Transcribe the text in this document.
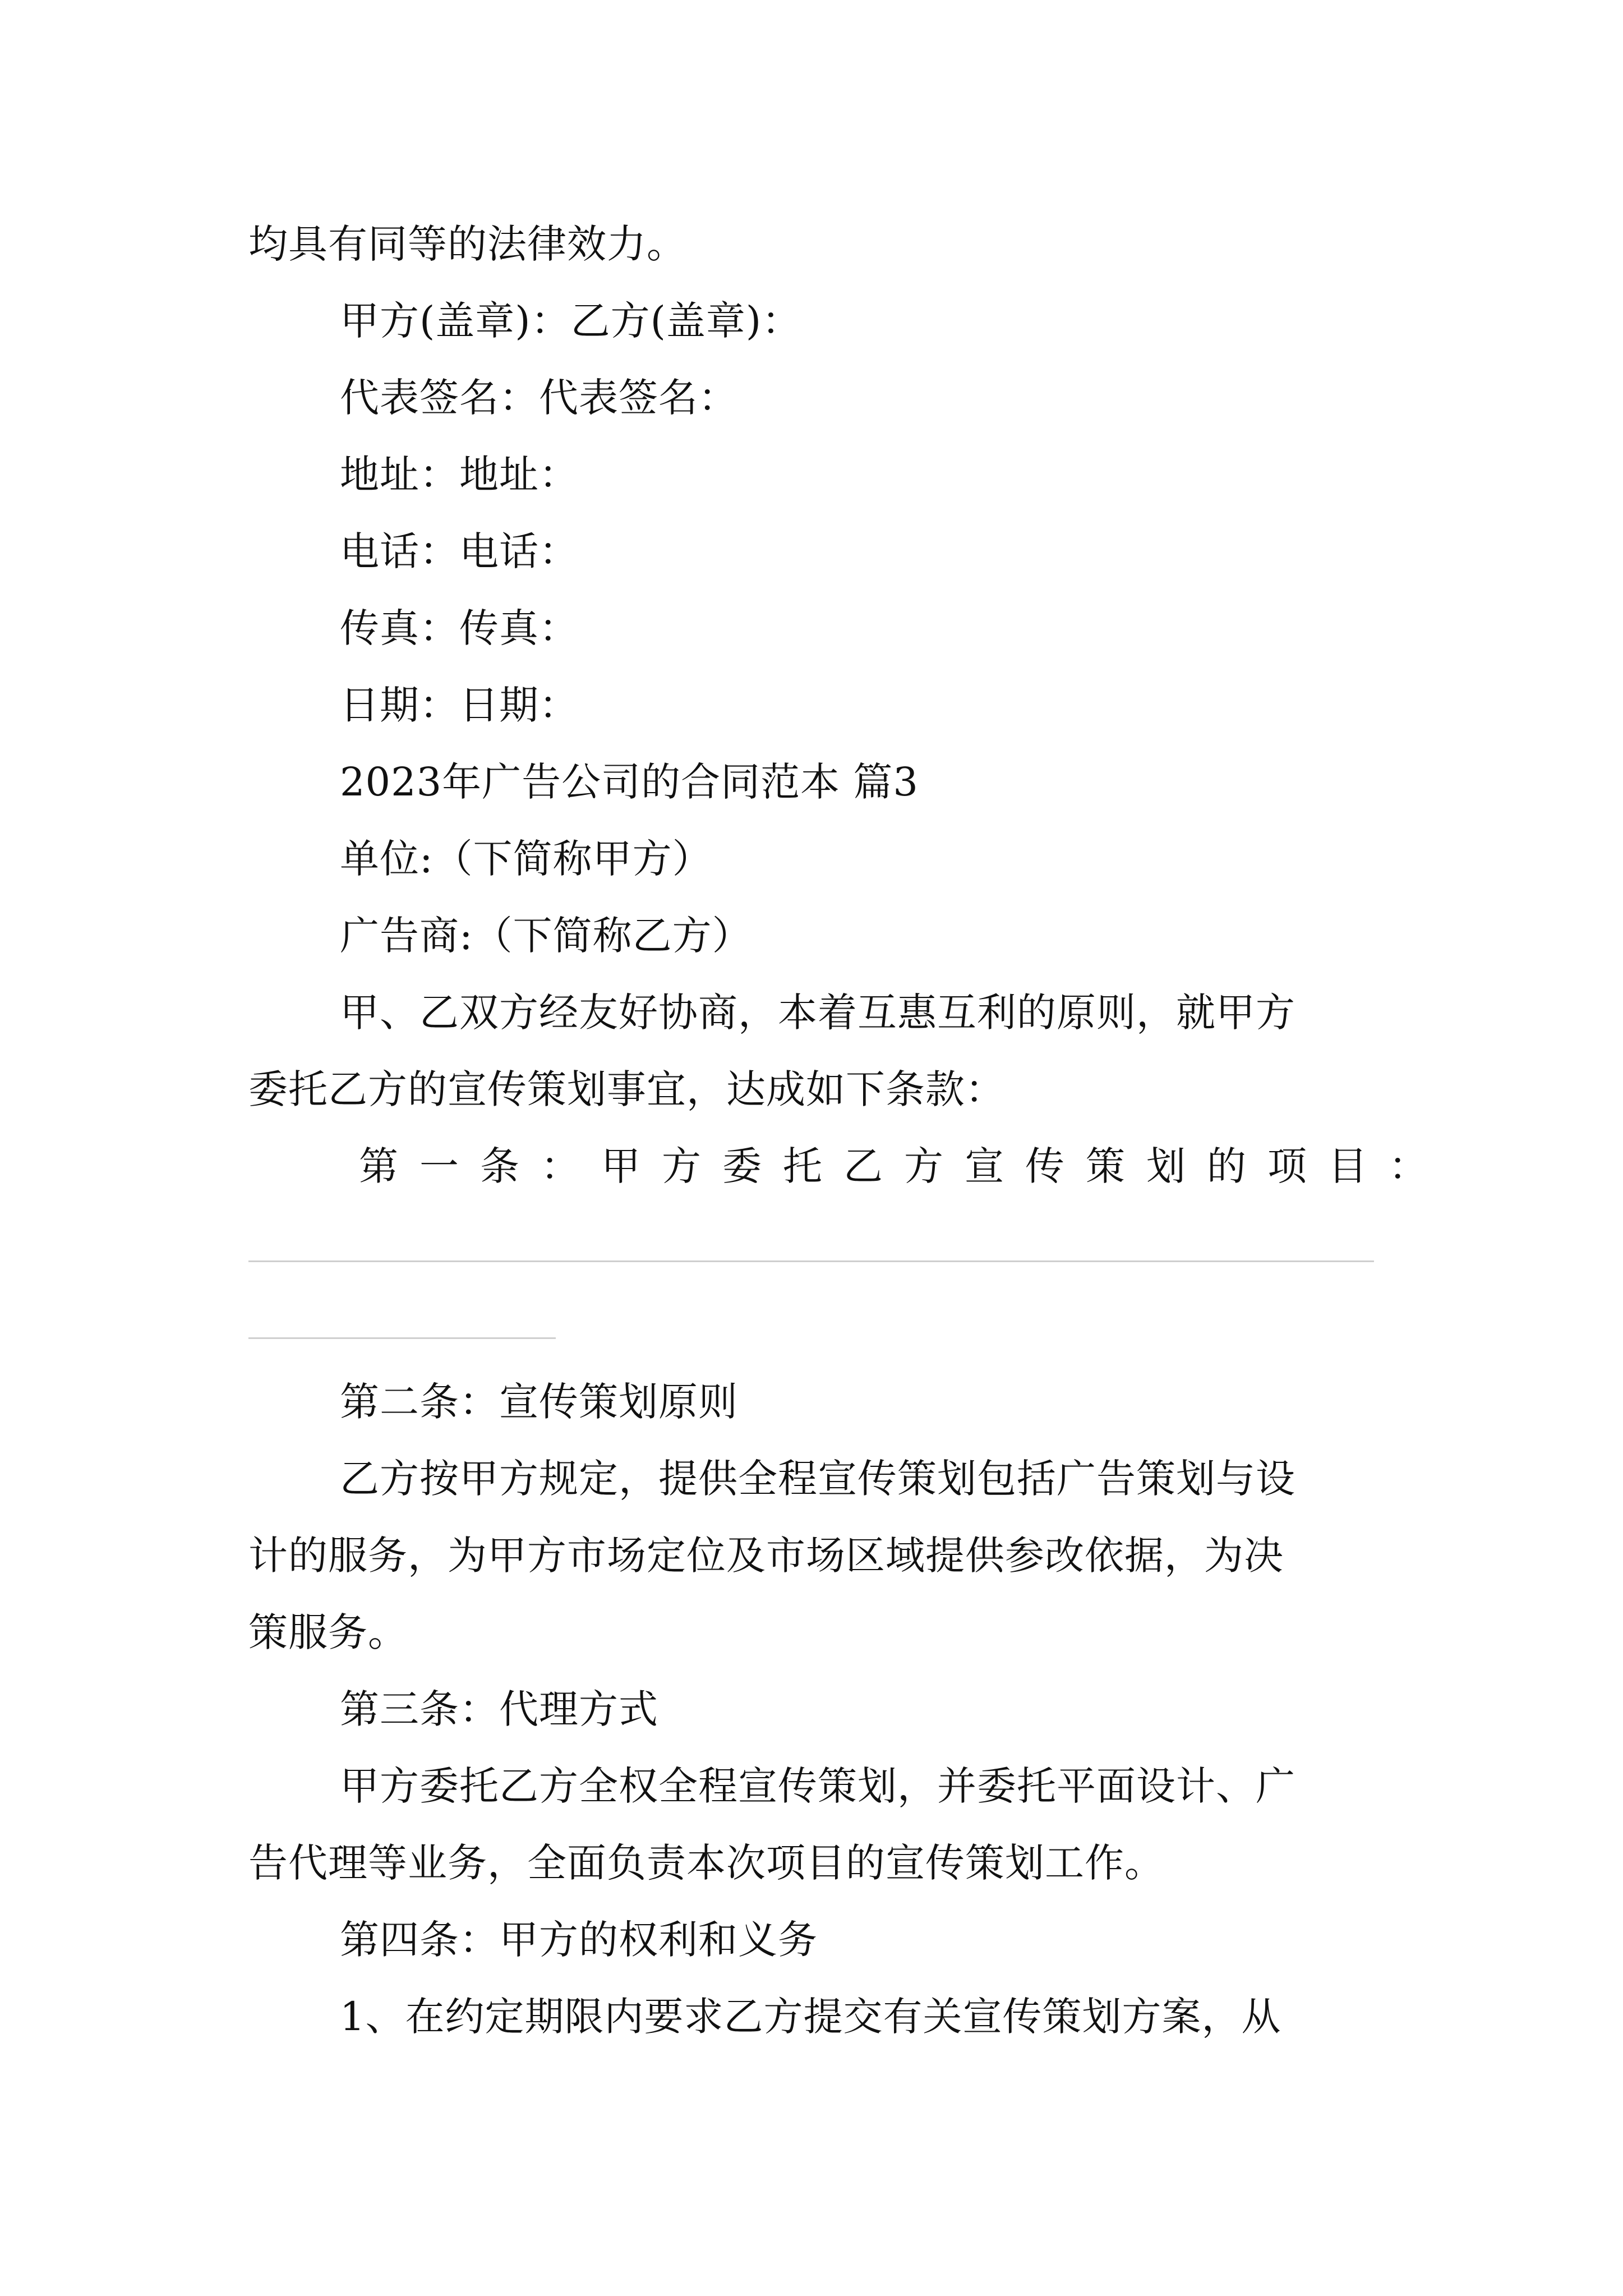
均具有同等的法律效力。
甲方(盖章)：乙方(盖章)：
代表签名：代表签名：
地址：地址：
电话：电话：
传真：传真：
日期：日期：
2023年广告公司的合同范本 篇3
单位:（下简称甲方）
广告商:（下简称乙方）
甲、乙双方经友好协商，本着互惠互利的原则，就甲方
委托乙方的宣传策划事宜，达成如下条款：
第一条：甲方委托乙方宣传策划的项目：
第二条：宣传策划原则
乙方按甲方规定，提供全程宣传策划包括广告策划与设
计的服务，为甲方市场定位及市场区域提供参改依据，为决
策服务。
第三条：代理方式
甲方委托乙方全权全程宣传策划，并委托平面设计、广
告代理等业务，全面负责本次项目的宣传策划工作。
第四条：甲方的权利和义务
1、在约定期限内要求乙方提交有关宣传策划方案，从
